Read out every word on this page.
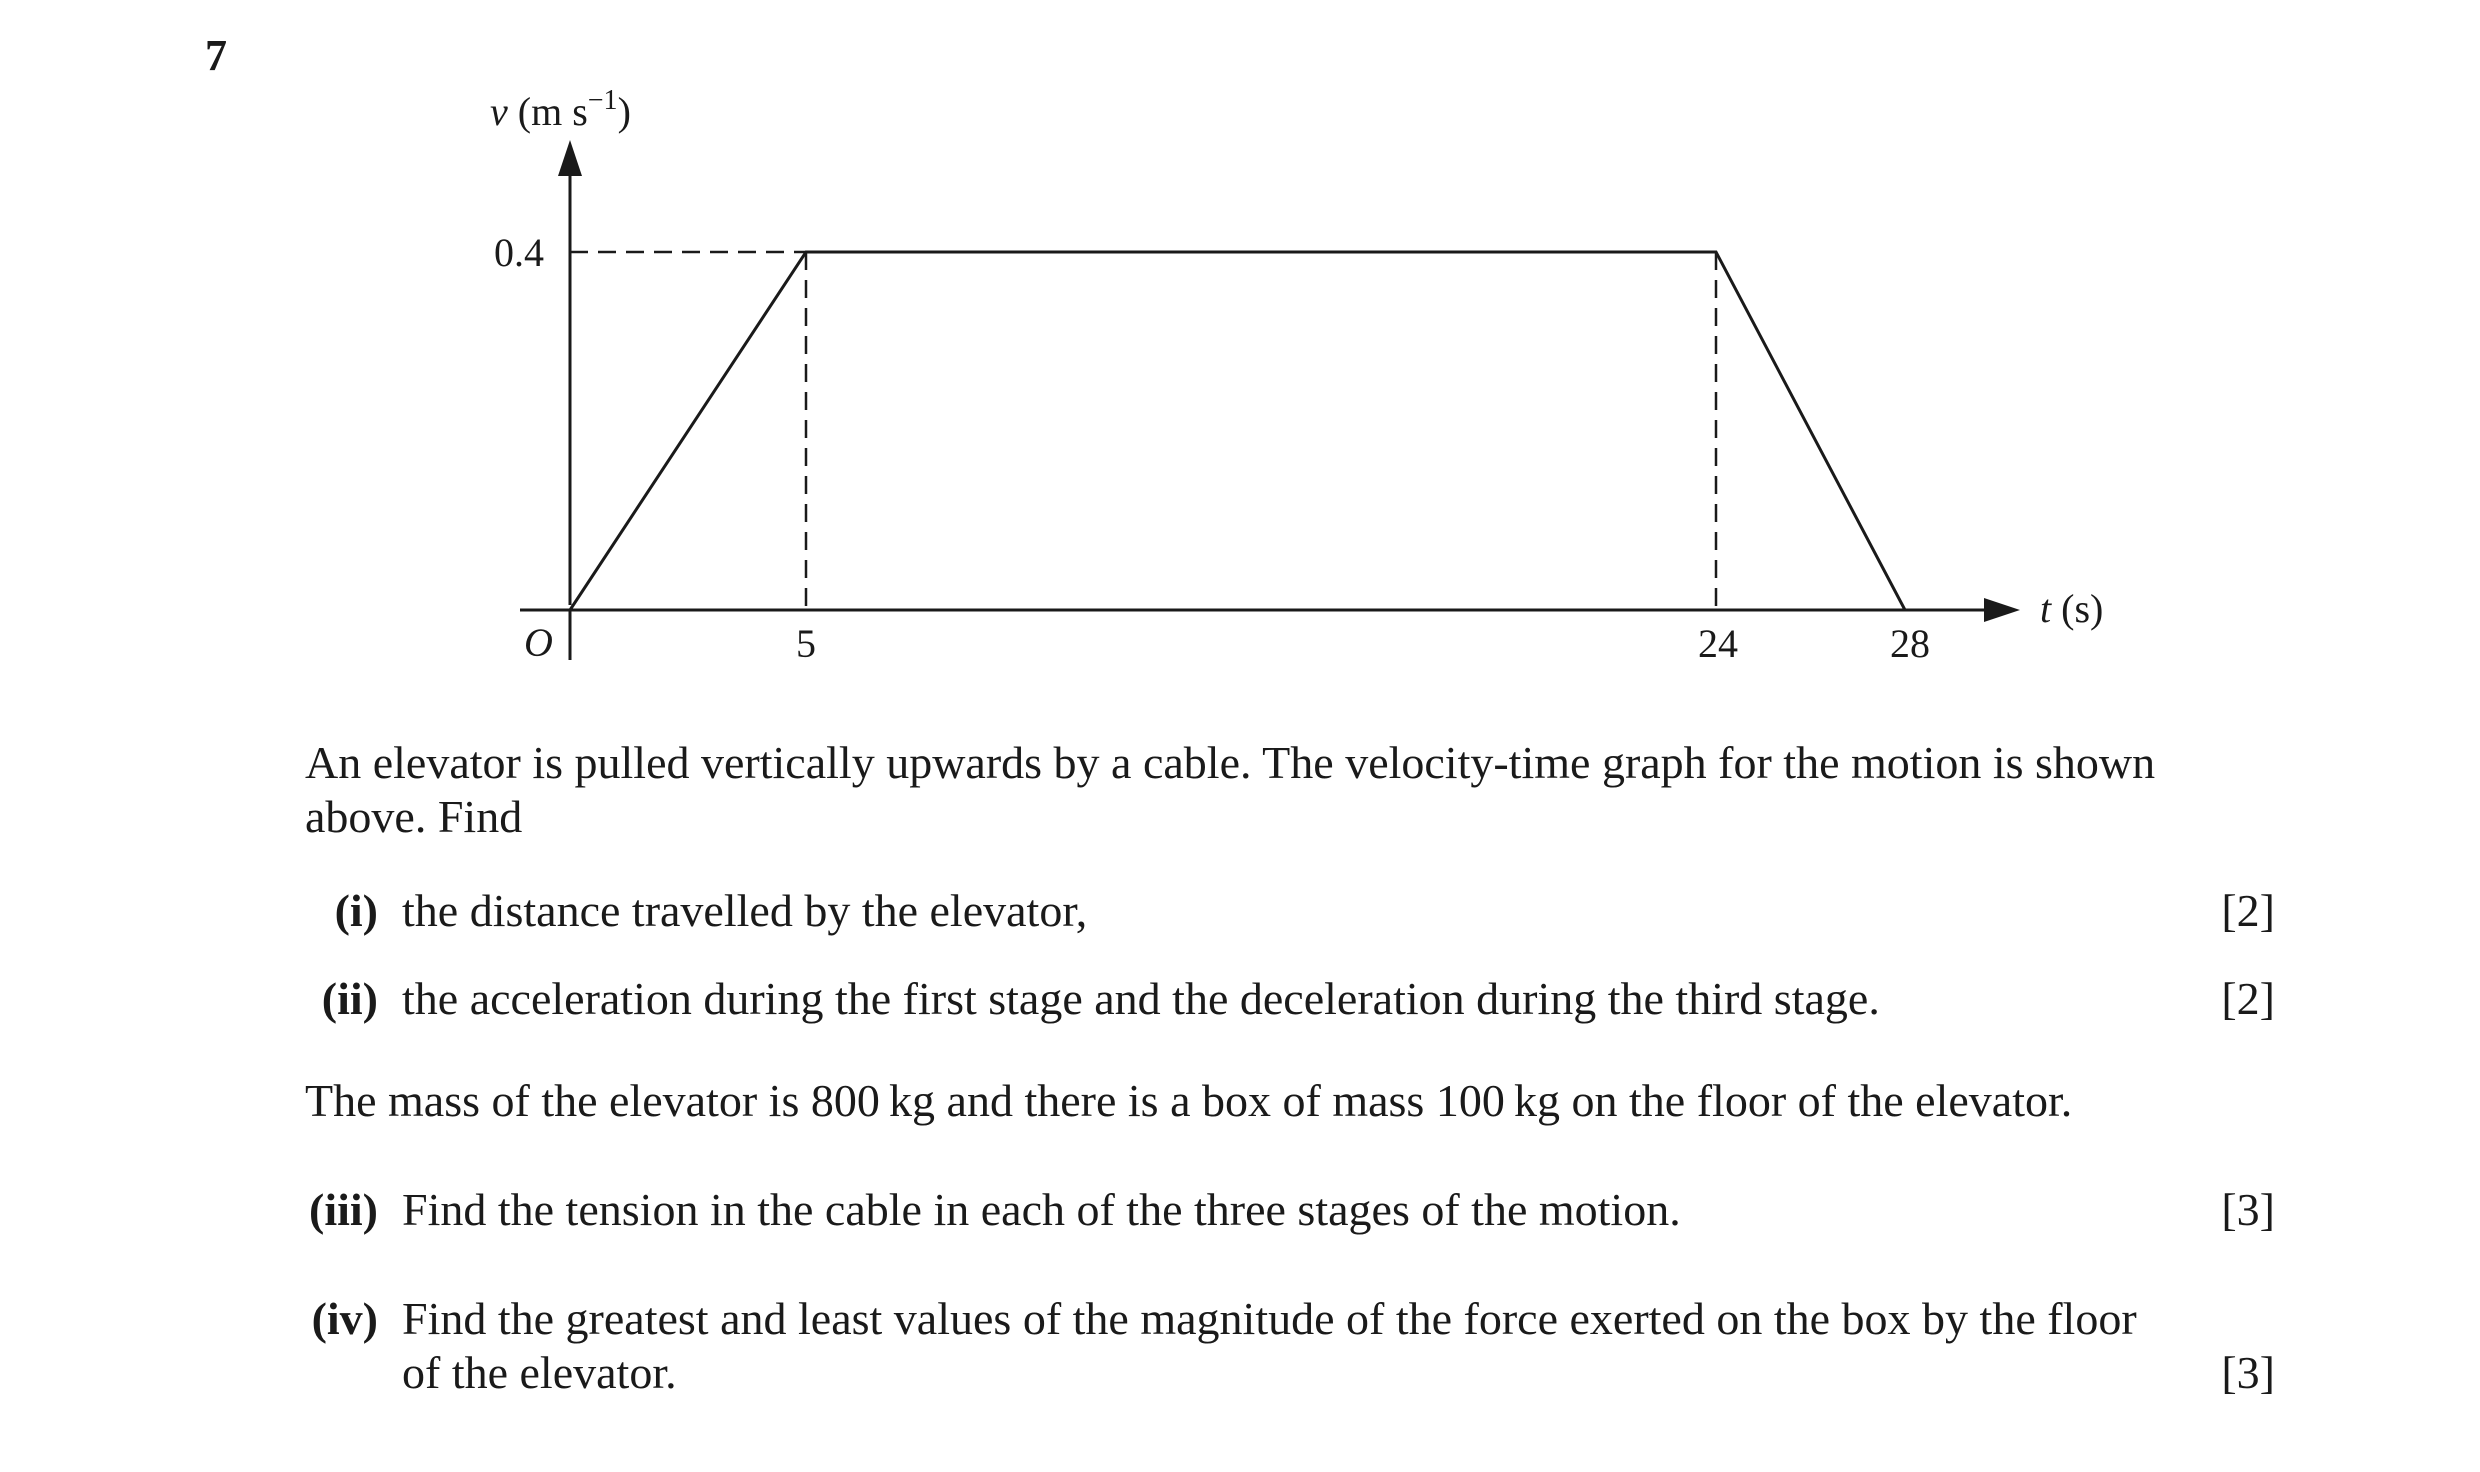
7
v (m $s^{-1}$)
t (s)
O
0.4
5	24	28
An elevator is pulled vertically upwards by a cable. The velocity-time graph for the motion is shown
above. Find
(i) the distance travelled by the elevator,	[2]
(ii) the acceleration during the first stage and the deceleration during the third stage.	[2]
The mass of the elevator is 800 kg and there is a box of mass 100 kg on the floor of the elevator.
(iii) Find the tension in the cable in each of the three stages of the motion.	[3]
(iv) Find the greatest and least values of the magnitude of the force exerted on the box by the floor
of the elevator.	[3]
